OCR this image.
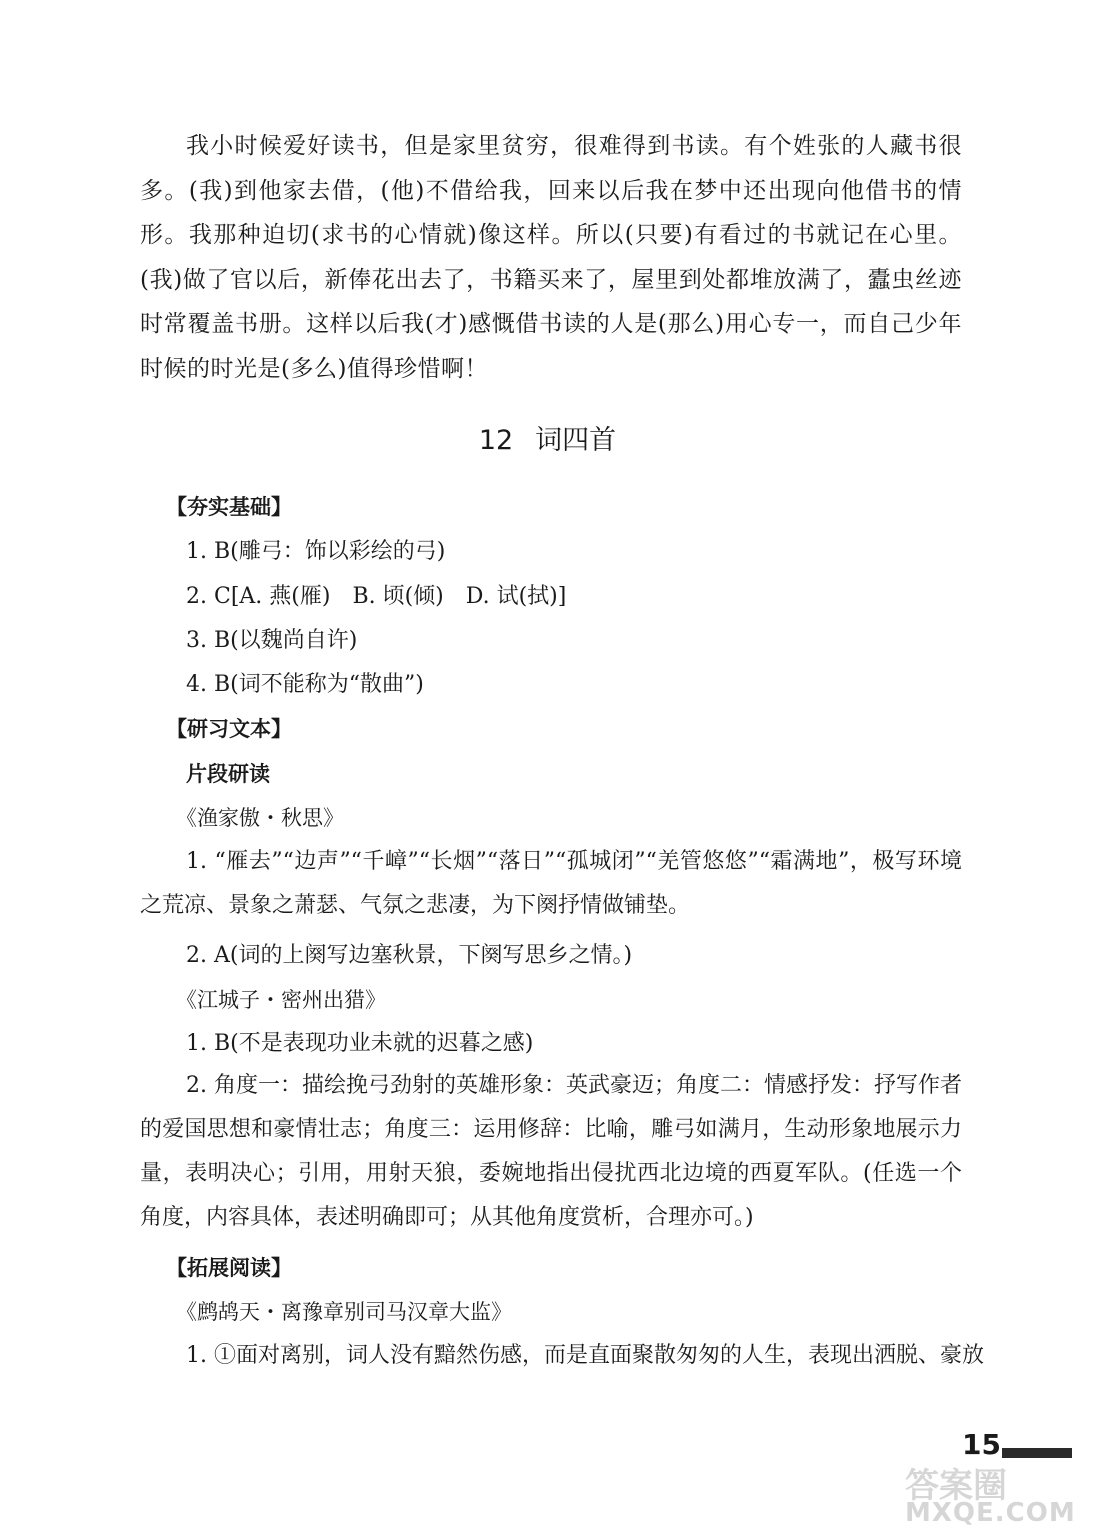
我小时候爱好读书，但是家里贫穷，很难得到书读。有个姓张的人藏书很多。(我)到他家去借，(他)不借给我，回来以后我在梦中还出现向他借书的情形。我那种迫切(求书的心情就)像这样。所以(只要)有看过的书就记在心里。(我)做了官以后，新俸花出去了，书籍买来了，屋里到处都堆放满了，蠹虫丝迹时常覆盖书册。这样以后我(才)感慨借书读的人是(那么)用心专一，而自己少年时候的时光是(多么)值得珍惜啊！
12 词四首
【夯实基础】
1. B(雕弓：饰以彩绘的弓)
2. C[A. 燕(雁)　B. 顷(倾)　D. 试(拭)]
3. B(以魏尚自许)
4. B(词不能称为“散曲”)
【研习文本】
片段研读
《渔家傲・秋思》
1. “雁去”“边声”“千嶂”“长烟”“落日”“孤城闭”“羌管悠悠”“霜满地”，极写环境之荒凉、景象之萧瑟、气氛之悲凄，为下阕抒情做铺垫。
2. A(词的上阕写边塞秋景，下阕写思乡之情。)
《江城子・密州出猎》
1. B(不是表现功业未就的迟暮之感)
2. 角度一：描绘挽弓劲射的英雄形象：英武豪迈；角度二：情感抒发：抒写作者的爱国思想和豪情壮志；角度三：运用修辞：比喻，雕弓如满月，生动形象地展示力量，表明决心；引用，用射天狼，委婉地指出侵扰西北边境的西夏军队。(任选一个角度，内容具体，表述明确即可；从其他角度赏析，合理亦可。)
【拓展阅读】
《鹧鸪天・离豫章别司马汉章大监》
1. ①面对离别，词人没有黯然伤感，而是直面聚散匆匆的人生，表现出洒脱、豪放
15
答案圈
MXQE.COM
